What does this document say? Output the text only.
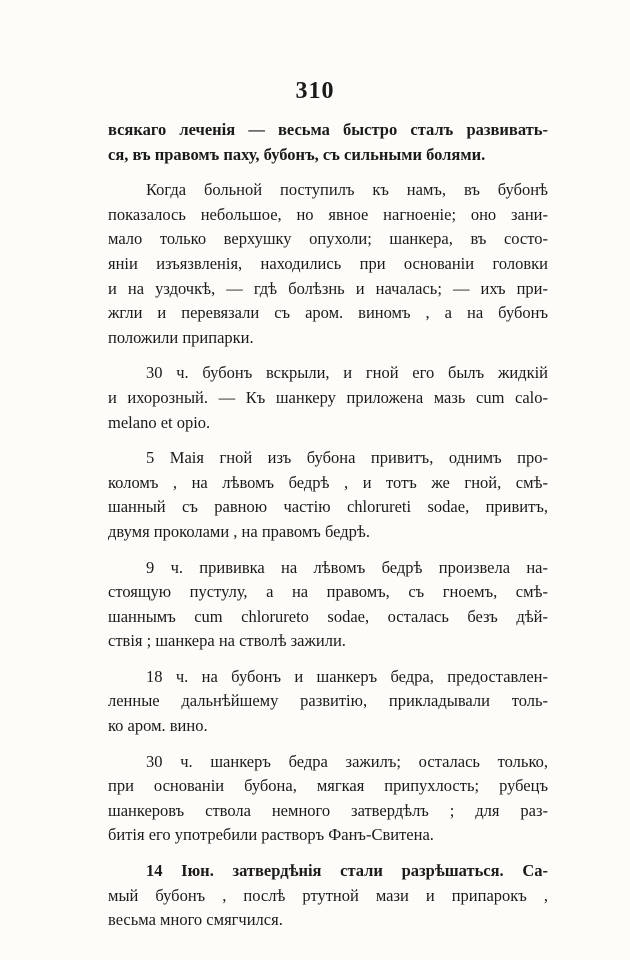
310
всякаго леченія — весьма быстро сталъ развивать-
ся, въ правомъ паху, бубонъ, съ сильными болями.
Когда больной поступилъ къ намъ, въ бубонѣ
показалось небольшое, но явное нагноеніе; оно зани-
мало только верхушку опухоли; шанкера, въ состо-
яніи изъязвленія, находились при основаніи головки
и на уздочкѣ, — гдѣ болѣзнь и началась; — ихъ при-
жгли и перевязали съ аром. виномъ , а на бубонъ
положили припарки.
30 ч. бубонъ вскрыли, и гной его былъ жидкій
и ихорозный. — Къ шанкеру приложена мазь cum calo-
melano et opio.
5 Маія гной изъ бубона привитъ, однимъ про-
коломъ , на лѣвомъ бедрѣ , и тотъ же гной, смѣ-
шанный съ равною частію chlorureti sodae, привитъ,
двумя проколами , на правомъ бедрѣ.
9 ч. прививка на лѣвомъ бедрѣ произвела на-
стоящую пустулу, а на правомъ, съ гноемъ, смѣ-
шаннымъ cum chlorureto sodae, осталась безъ дѣй-
ствія ; шанкера на стволѣ зажили.
18 ч. на бубонъ и шанкеръ бедра, предоставлен-
ленные дальнѣйшему развитію, прикладывали толь-
ко аром. вино.
30 ч. шанкеръ бедра зажилъ; осталась только,
при основаніи бубона, мягкая припухлость; рубецъ
шанкеровъ ствола немного затвердѣлъ ; для раз-
битія его употребили растворъ Фанъ-Свитена.
14 Іюн. затвердѣнія стали разрѣшаться. Са-
мый бубонъ , послѣ ртутной мази и припарокъ ,
весьма много смягчился.
